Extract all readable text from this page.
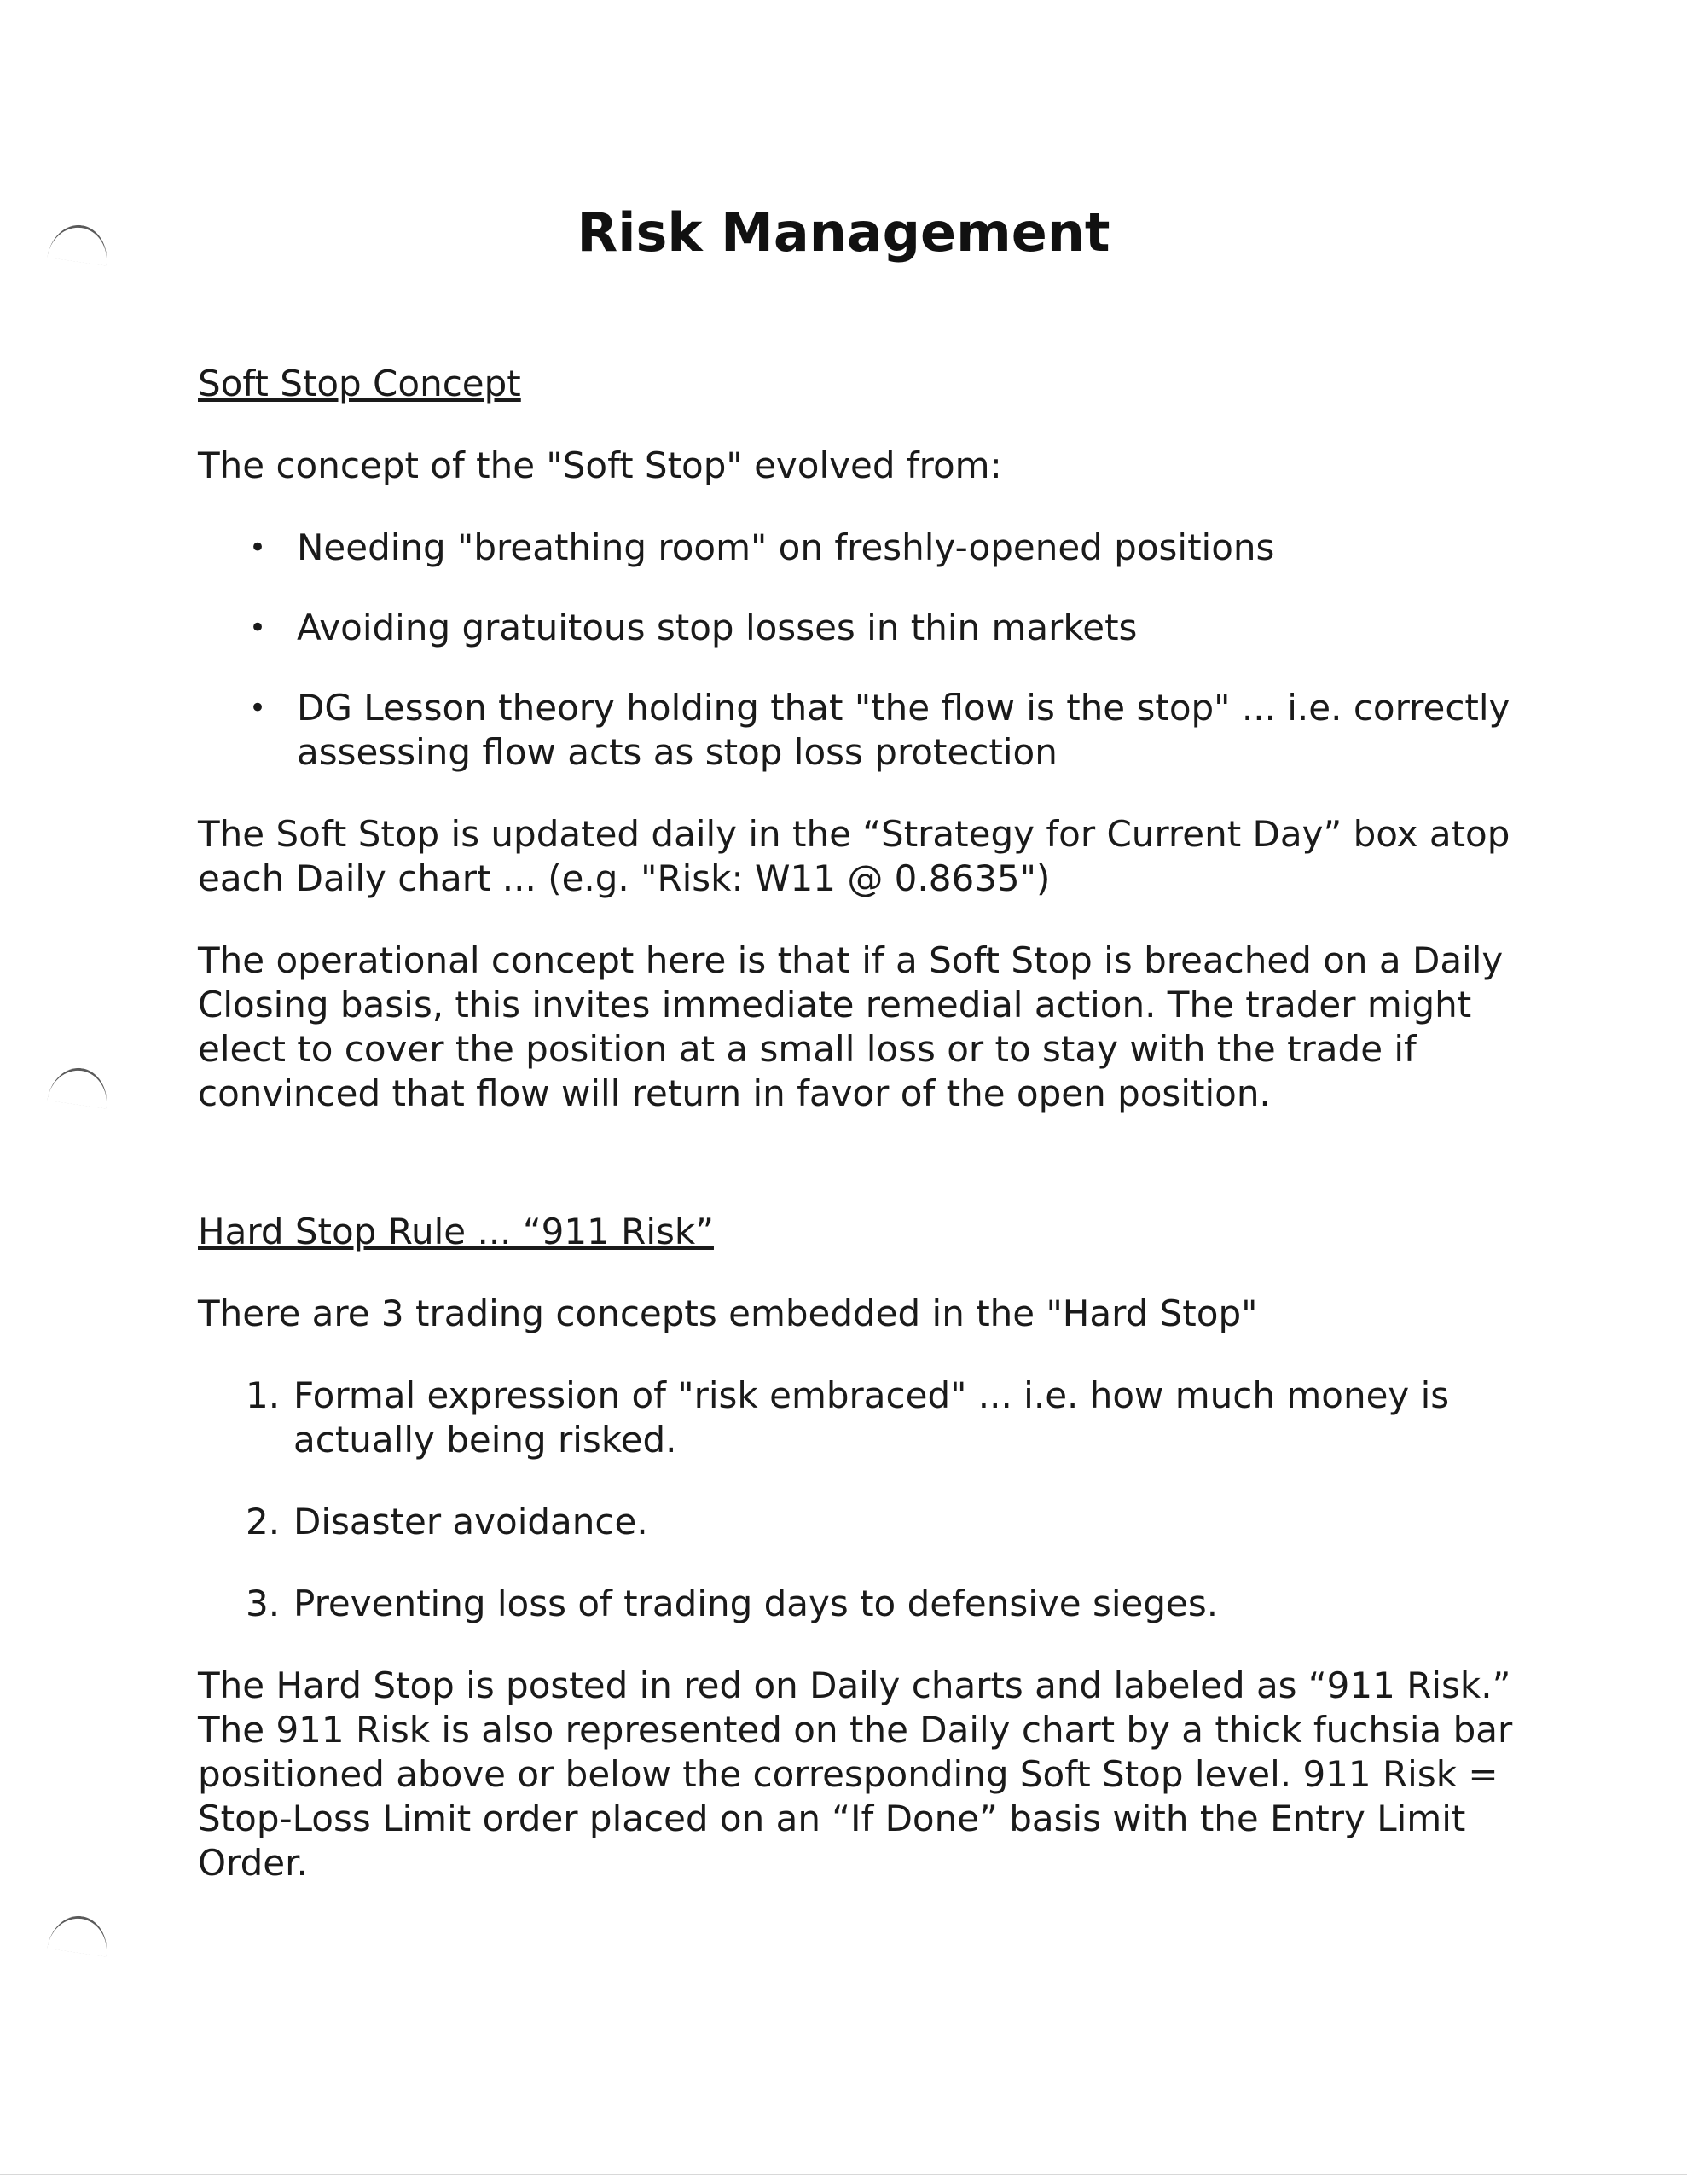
Risk Management

Soft Stop Concept

The concept of the "Soft Stop" evolved from:

• Needing "breathing room" on freshly-opened positions
• Avoiding gratuitous stop losses in thin markets
• DG Lesson theory holding that "the flow is the stop" ... i.e. correctly assessing flow acts as stop loss protection

The Soft Stop is updated daily in the “Strategy for Current Day” box atop each Daily chart ... (e.g. "Risk: W11 @ 0.8635")

The operational concept here is that if a Soft Stop is breached on a Daily Closing basis, this invites immediate remedial action. The trader might elect to cover the position at a small loss or to stay with the trade if convinced that flow will return in favor of the open position.

Hard Stop Rule ... “911 Risk”

There are 3 trading concepts embedded in the "Hard Stop"

1. Formal expression of "risk embraced" ... i.e. how much money is actually being risked.
2. Disaster avoidance.
3. Preventing loss of trading days to defensive sieges.

The Hard Stop is posted in red on Daily charts and labeled as “911 Risk.” The 911 Risk is also represented on the Daily chart by a thick fuchsia bar positioned above or below the corresponding Soft Stop level. 911 Risk = Stop-Loss Limit order placed on an “If Done” basis with the Entry Limit Order.
